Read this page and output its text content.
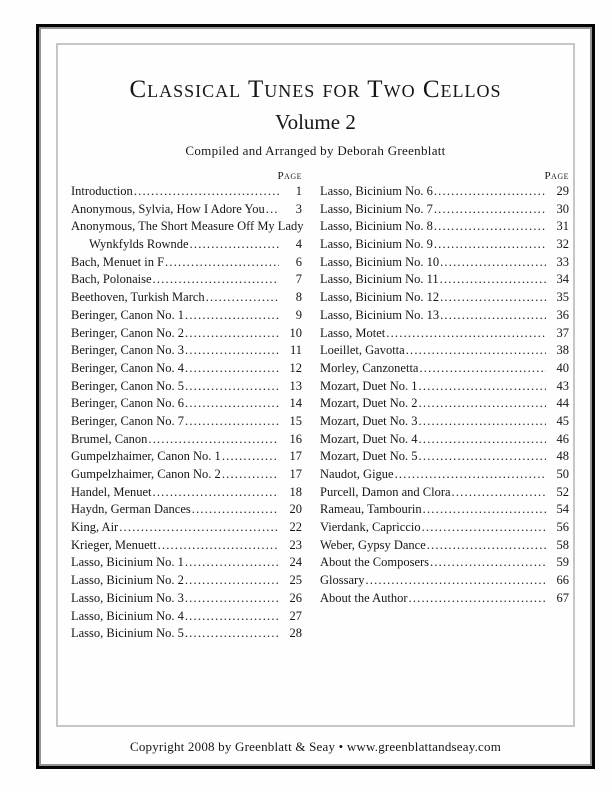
Classical Tunes for Two Cellos
Volume 2
Compiled and Arranged by Deborah Greenblatt
Page
Introduction .....	1
Anonymous, Sylvia, How I Adore You .....	3
Anonymous, The Short Measure Off My Lady
Wynkfylds Rownde .....	4
Bach, Menuet in F .....	6
Bach, Polonaise .....	7
Beethoven, Turkish March .....	8
Beringer, Canon No. 1 .....	9
Beringer, Canon No. 2 .....	10
Beringer, Canon No. 3 .....	11
Beringer, Canon No. 4 .....	12
Beringer, Canon No. 5 .....	13
Beringer, Canon No. 6 .....	14
Beringer, Canon No. 7 .....	15
Brumel, Canon .....	16
Gumpelzhaimer, Canon No. 1 .....	17
Gumpelzhaimer, Canon No. 2 .....	17
Handel, Menuet .....	18
Haydn, German Dances .....	20
King, Air .....	22
Krieger, Menuett .....	23
Lasso, Bicinium No. 1 .....	24
Lasso, Bicinium No. 2 .....	25
Lasso, Bicinium No. 3 .....	26
Lasso, Bicinium No. 4 .....	27
Lasso, Bicinium No. 5 .....	28
Page
Lasso, Bicinium No. 6 .....	29
Lasso, Bicinium No. 7 .....	30
Lasso, Bicinium No. 8 .....	31
Lasso, Bicinium No. 9 .....	32
Lasso, Bicinium No. 10 .....	33
Lasso, Bicinium No. 11 .....	34
Lasso, Bicinium No. 12 .....	35
Lasso, Bicinium No. 13 .....	36
Lasso, Motet .....	37
Loeillet, Gavotta .....	38
Morley, Canzonetta .....	40
Mozart, Duet No. 1 .....	43
Mozart, Duet No. 2 .....	44
Mozart, Duet No. 3 .....	45
Mozart, Duet No. 4 .....	46
Mozart, Duet No. 5 .....	48
Naudot, Gigue .....	50
Purcell, Damon and Clora .....	52
Rameau, Tambourin .....	54
Vierdank, Capriccio .....	56
Weber, Gypsy Dance .....	58
About the Composers .....	59
Glossary .....	66
About the Author .....	67
Copyright 2008 by Greenblatt & Seay • www.greenblattandseay.com
